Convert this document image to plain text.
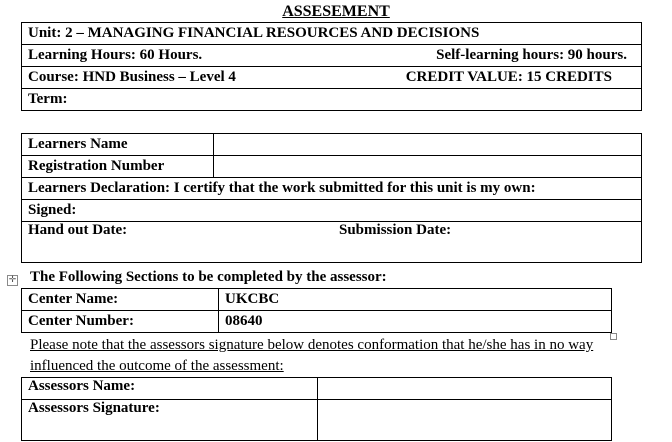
ASSESEMENT
Unit: 2 – MANAGING FINANCIAL RESOURCES AND DECISIONS

Learning Hours: 60 Hours.	Self-learning hours: 90 hours.

Course: HND Business – Level 4	CREDIT VALUE: 15 CREDITS

Term:
Learners Name	
Registration Number	
Learners Declaration: I certify that the work submitted for this unit is my own:	
Signed:	

Hand out Date: Submission Date:	
✛ The Following Sections to be completed by the assessor:
Center Name:	UKCBC
Center Number:	08640
Please note that the assessors signature below denotes conformation that he/she has in no way influenced the outcome of the assessment:
Assessors Name:	
Assessors Signature:	
